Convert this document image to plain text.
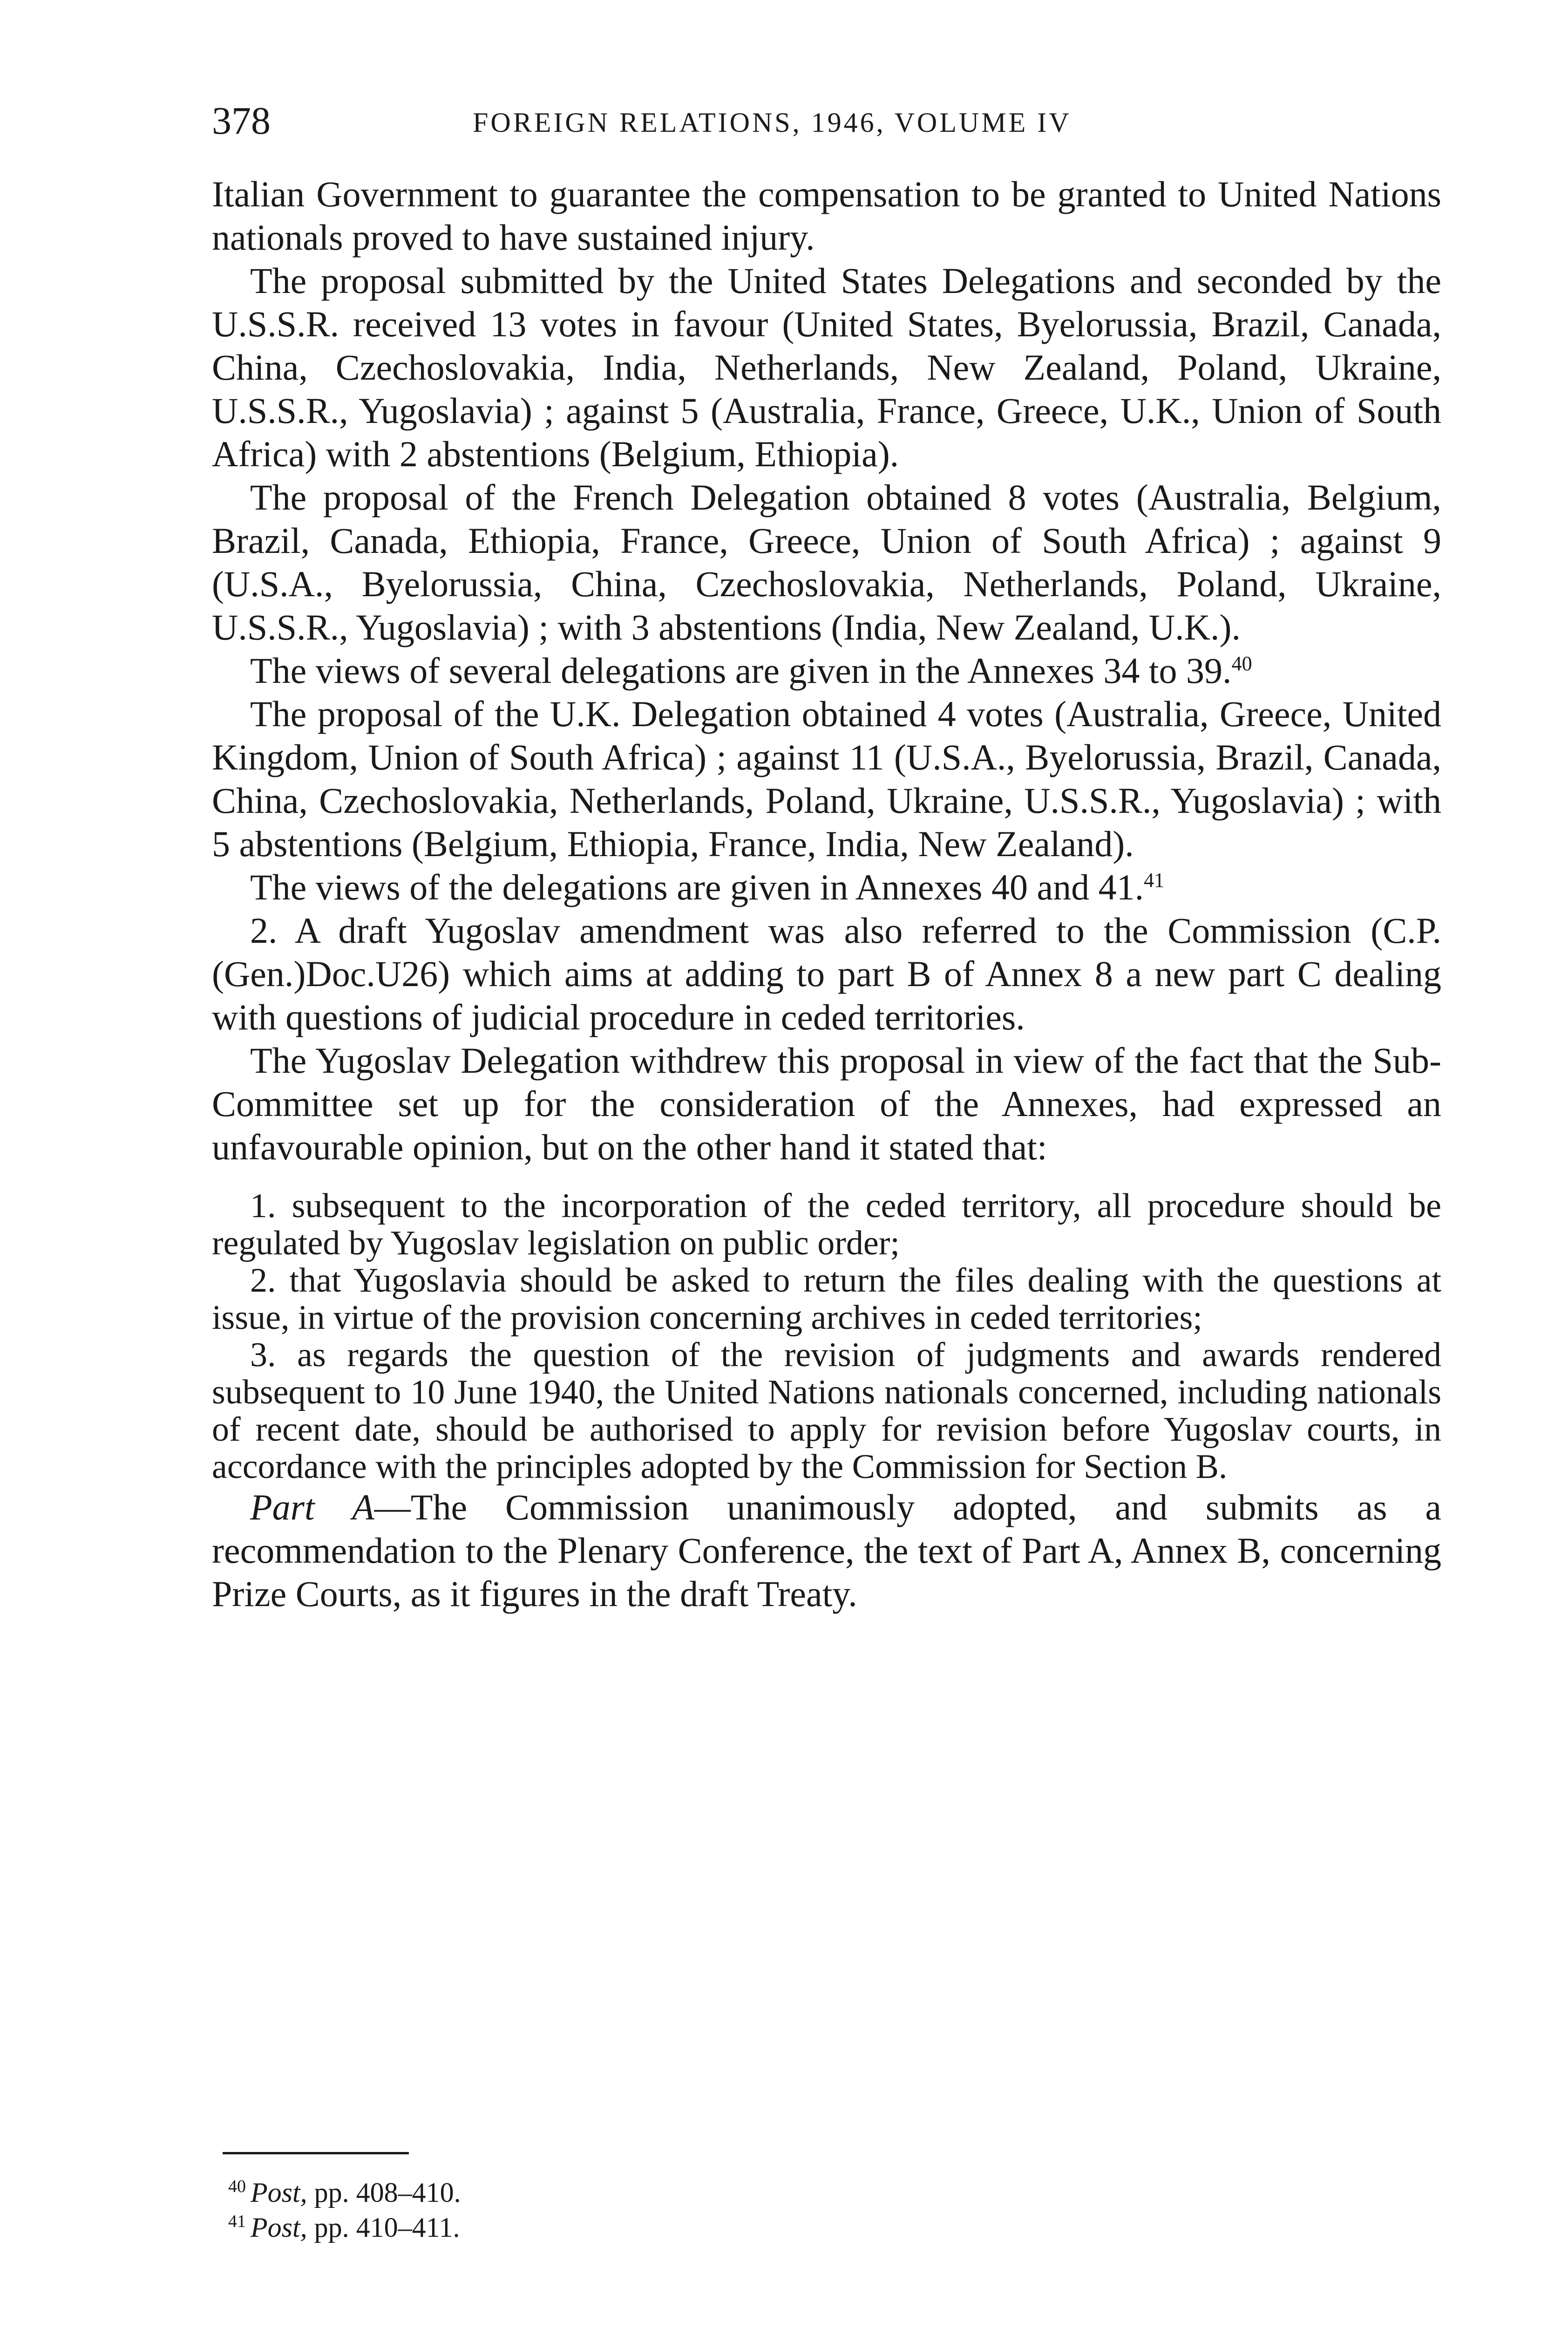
378	FOREIGN RELATIONS, 1946, VOLUME IV

Italian Government to guarantee the compensation to be granted to United Nations nationals proved to have sustained injury.

The proposal submitted by the United States Delegations and seconded by the U.S.S.R. received 13 votes in favour (United States, Byelorussia, Brazil, Canada, China, Czechoslovakia, India, Netherlands, New Zealand, Poland, Ukraine, U.S.S.R., Yugoslavia) ; against 5 (Australia, France, Greece, U.K., Union of South Africa) with 2 abstentions (Belgium, Ethiopia).

The proposal of the French Delegation obtained 8 votes (Australia, Belgium, Brazil, Canada, Ethiopia, France, Greece, Union of South Africa) ; against 9 (U.S.A., Byelorussia, China, Czechoslovakia, Netherlands, Poland, Ukraine, U.S.S.R., Yugoslavia) ; with 3 abstentions (India, New Zealand, U.K.).

The views of several delegations are given in the Annexes 34 to 39.40

The proposal of the U.K. Delegation obtained 4 votes (Australia, Greece, United Kingdom, Union of South Africa) ; against 11 (U.S.A., Byelorussia, Brazil, Canada, China, Czechoslovakia, Netherlands, Poland, Ukraine, U.S.S.R., Yugoslavia) ; with 5 abstentions (Belgium, Ethiopia, France, India, New Zealand).

The views of the delegations are given in Annexes 40 and 41.41

2. A draft Yugoslav amendment was also referred to the Commission (C.P.(Gen.)Doc.U26) which aims at adding to part B of Annex 8 a new part C dealing with questions of judicial procedure in ceded territories.

The Yugoslav Delegation withdrew this proposal in view of the fact that the Sub-Committee set up for the consideration of the Annexes, had expressed an unfavourable opinion, but on the other hand it stated that:

1. subsequent to the incorporation of the ceded territory, all procedure should be regulated by Yugoslav legislation on public order;

2. that Yugoslavia should be asked to return the files dealing with the questions at issue, in virtue of the provision concerning archives in ceded territories;

3. as regards the question of the revision of judgments and awards rendered subsequent to 10 June 1940, the United Nations nationals concerned, including nationals of recent date, should be authorised to apply for revision before Yugoslav courts, in accordance with the principles adopted by the Commission for Section B.

Part A—The Commission unanimously adopted, and submits as a recommendation to the Plenary Conference, the text of Part A, Annex B, concerning Prize Courts, as it figures in the draft Treaty.

$^{40}$ Post, pp. 408–410.
$^{41}$ Post, pp. 410–411.
